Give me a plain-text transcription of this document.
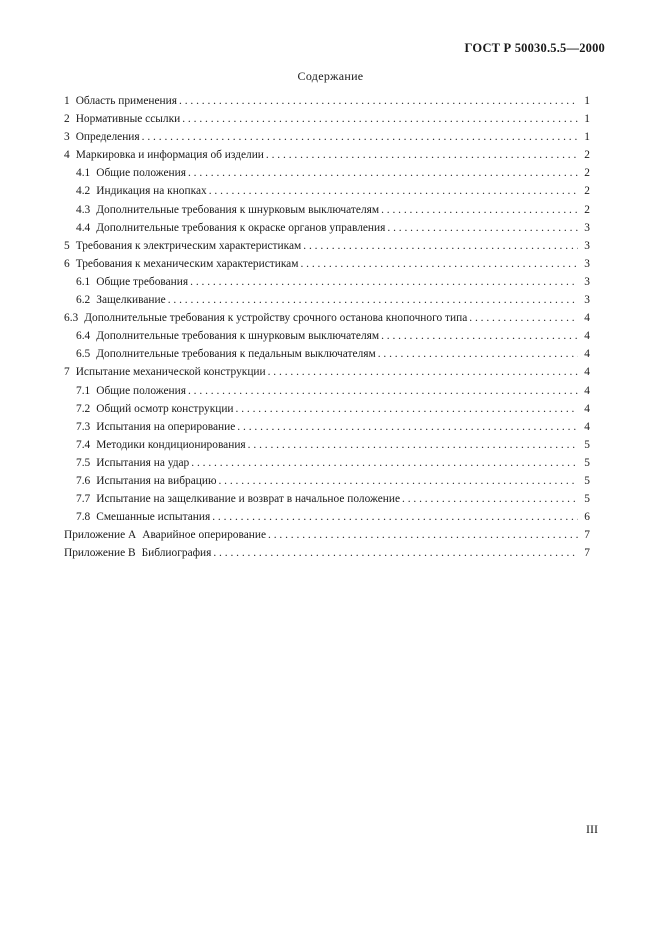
ГОСТ Р 50030.5.5—2000
Содержание
1 Область применения . . .	1
2 Нормативные ссылки . . .	1
3 Определения . . .	1
4 Маркировка и информация об изделии . . .	2
4.1 Общие положения . . .	2
4.2 Индикация на кнопках . . .	2
4.3 Дополнительные требования к шнурковым выключателям . . .	2
4.4 Дополнительные требования к окраске органов управления . . .	3
5 Требования к электрическим характеристикам . . .	3
6 Требования к механическим характеристикам . . .	3
6.1 Общие требования . . .	3
6.2 Защелкивание . . .	3
6.3 Дополнительные требования к устройству срочного останова кнопочного типа . . .	4
6.4 Дополнительные требования к шнурковым выключателям . . .	4
6.5 Дополнительные требования к педальным выключателям . . .	4
7 Испытание механической конструкции . . .	4
7.1 Общие положения . . .	4
7.2 Общий осмотр конструкции . . .	4
7.3 Испытания на оперирование . . .	4
7.4 Методики кондиционирования . . .	5
7.5 Испытания на удар . . .	5
7.6 Испытания на вибрацию . . .	5
7.7 Испытание на защелкивание и возврат в начальное положение . . .	5
7.8 Смешанные испытания . . .	6
Приложение А Аварийное оперирование . . .	7
Приложение В Библиография . . .	7
III
